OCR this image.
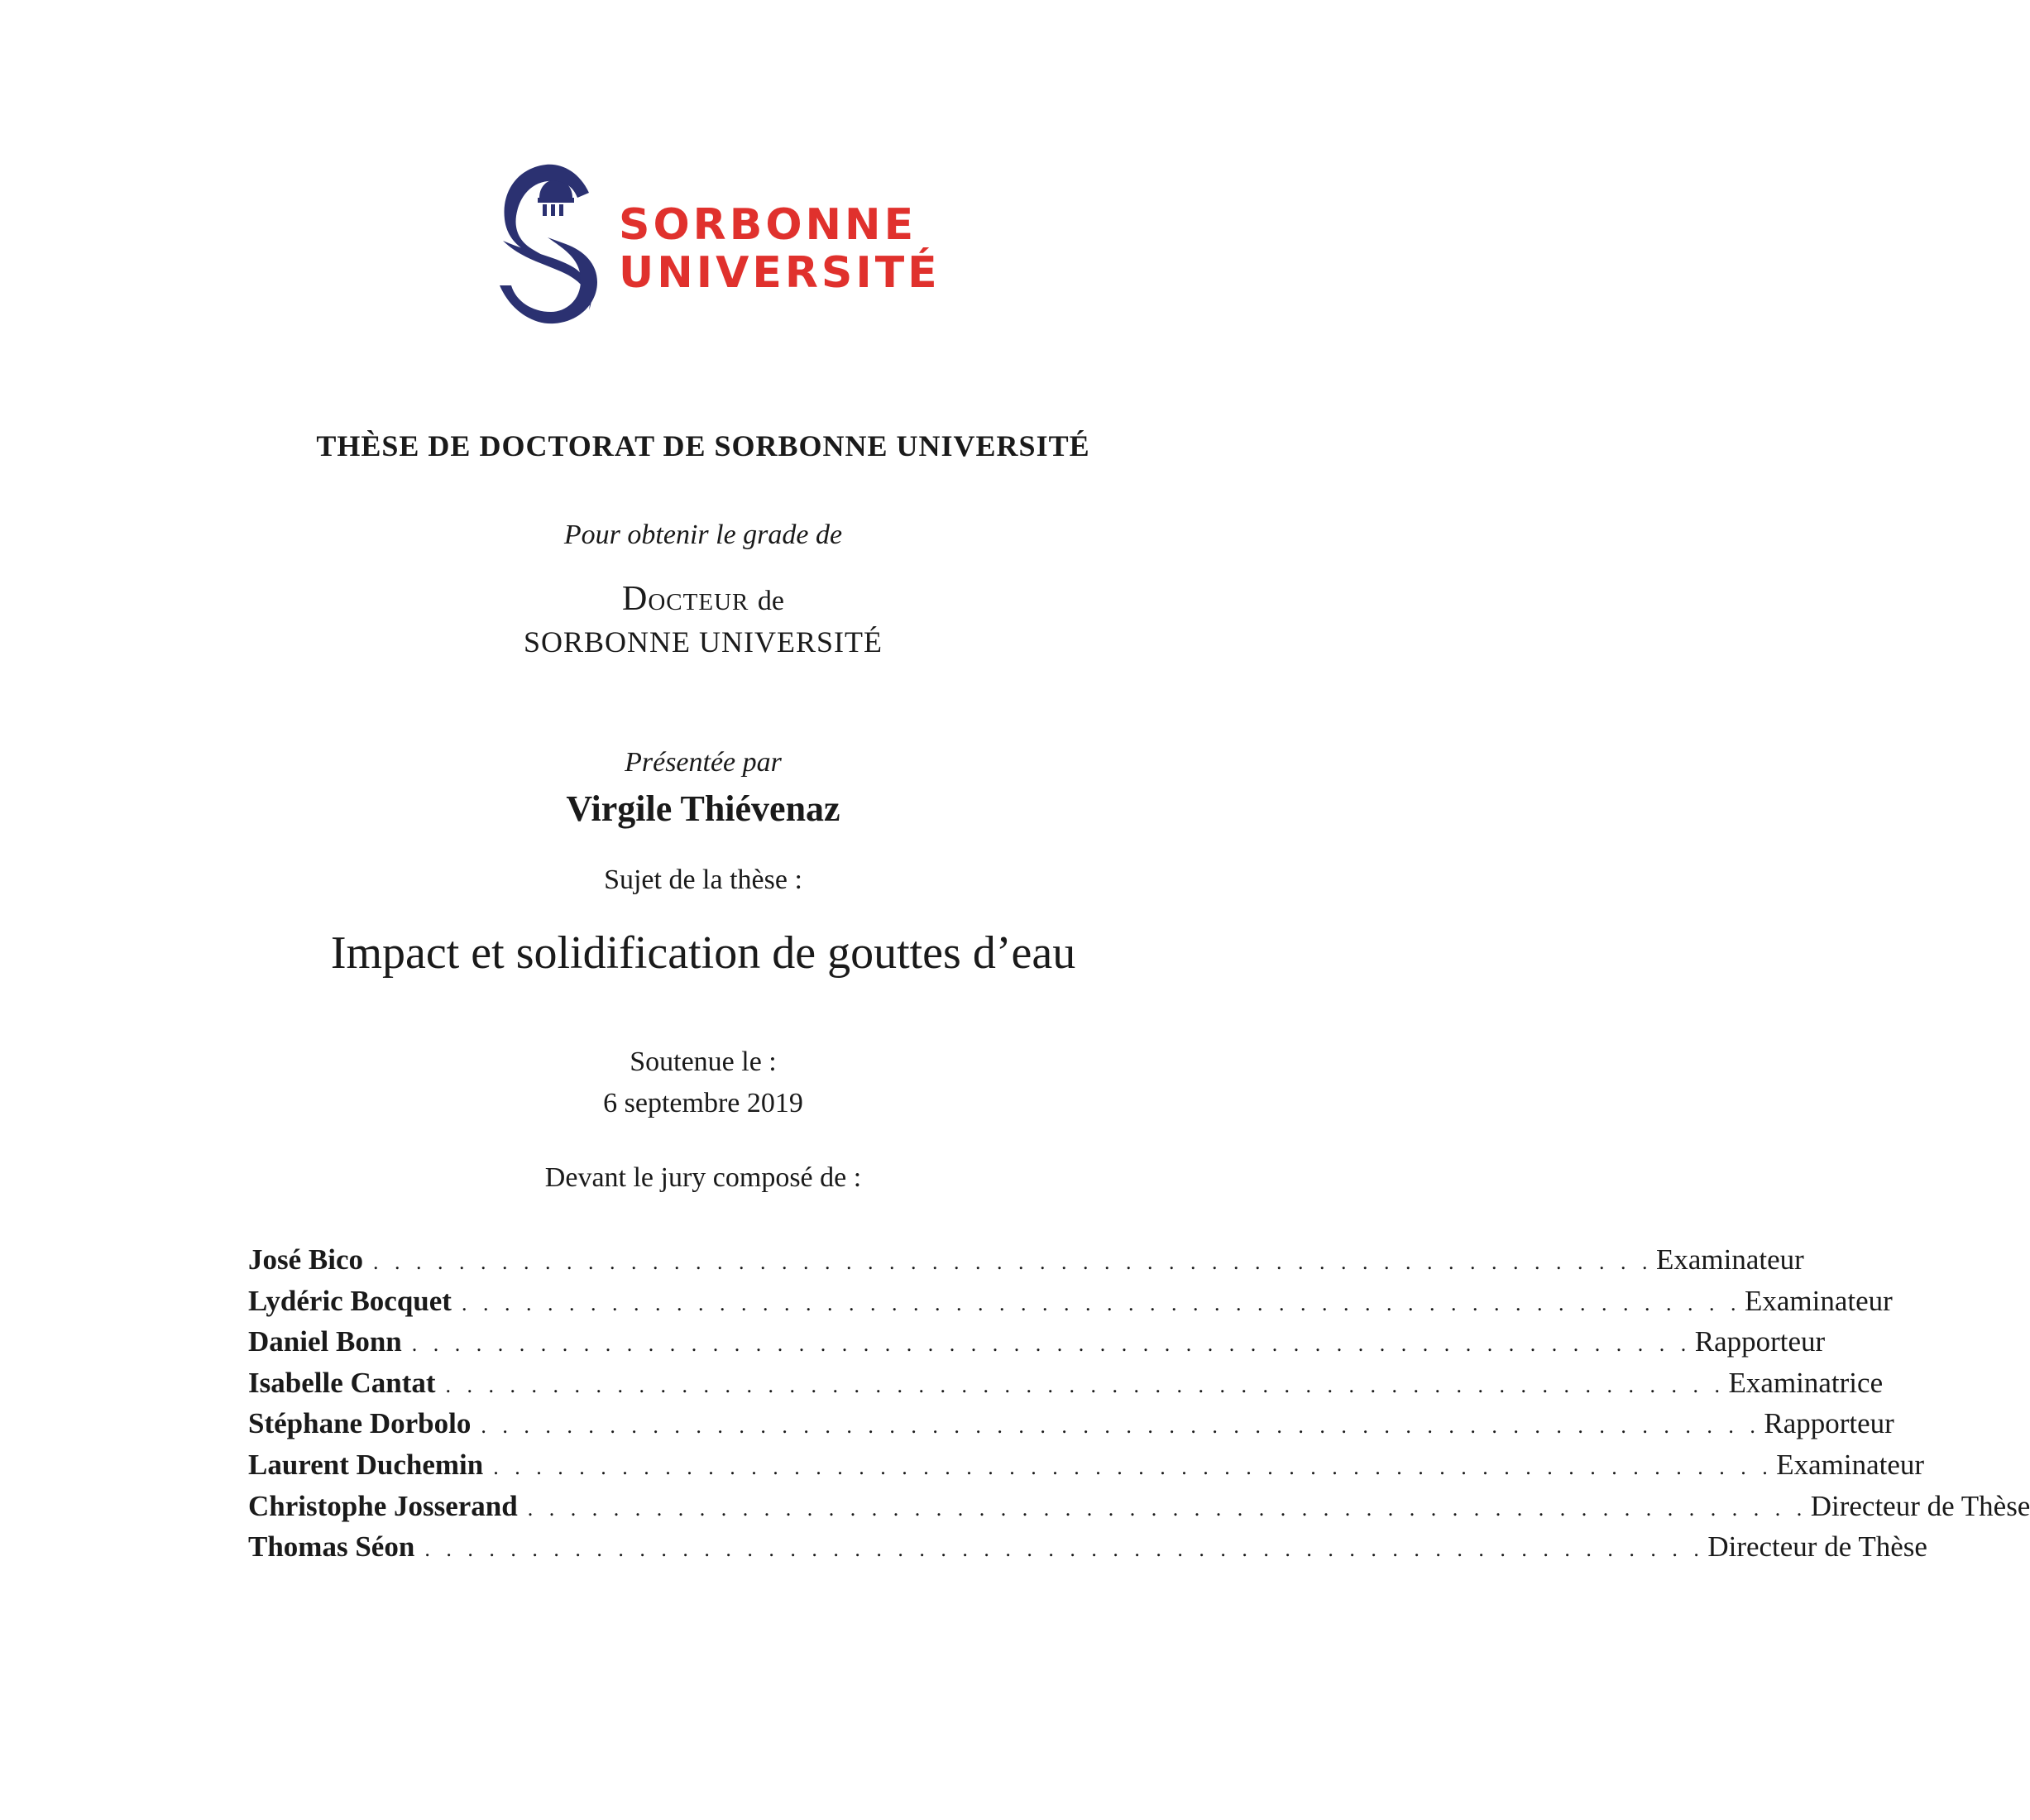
SORBONNE
UNIVERSITÉ
THÈSE DE DOCTORAT DE SORBONNE UNIVERSITÉ
Pour obtenir le grade de
Docteur de
SORBONNE UNIVERSITÉ
Présentée par
Virgile Thiévenaz
Sujet de la thèse :
Impact et solidification de gouttes d’eau
Soutenue le :
6 septembre 2019
Devant le jury composé de :
José Bico . . . . . . . . . . . . . . . . . . . . . . . . . . . . . . . . . . . . . . . . . . . . . . . . . . . . . . . . . . . . Examinateur
Lydéric Bocquet . . . . . . . . . . . . . . . . . . . . . . . . . . . . . . . . . . . . . . . . . . . . . . . . . . . . . . . . . . . . Examinateur
Daniel Bonn . . . . . . . . . . . . . . . . . . . . . . . . . . . . . . . . . . . . . . . . . . . . . . . . . . . . . . . . . . . . Rapporteur
Isabelle Cantat . . . . . . . . . . . . . . . . . . . . . . . . . . . . . . . . . . . . . . . . . . . . . . . . . . . . . . . . . . . . Examinatrice
Stéphane Dorbolo . . . . . . . . . . . . . . . . . . . . . . . . . . . . . . . . . . . . . . . . . . . . . . . . . . . . . . . . . . . . Rapporteur
Laurent Duchemin . . . . . . . . . . . . . . . . . . . . . . . . . . . . . . . . . . . . . . . . . . . . . . . . . . . . . . . . . . . . Examinateur
Christophe Josserand . . . . . . . . . . . . . . . . . . . . . . . . . . . . . . . . . . . . . . . . . . . . . . . . . . . . . . . . . . . . Directeur de Thèse
Thomas Séon . . . . . . . . . . . . . . . . . . . . . . . . . . . . . . . . . . . . . . . . . . . . . . . . . . . . . . . . . . . . Directeur de Thèse
